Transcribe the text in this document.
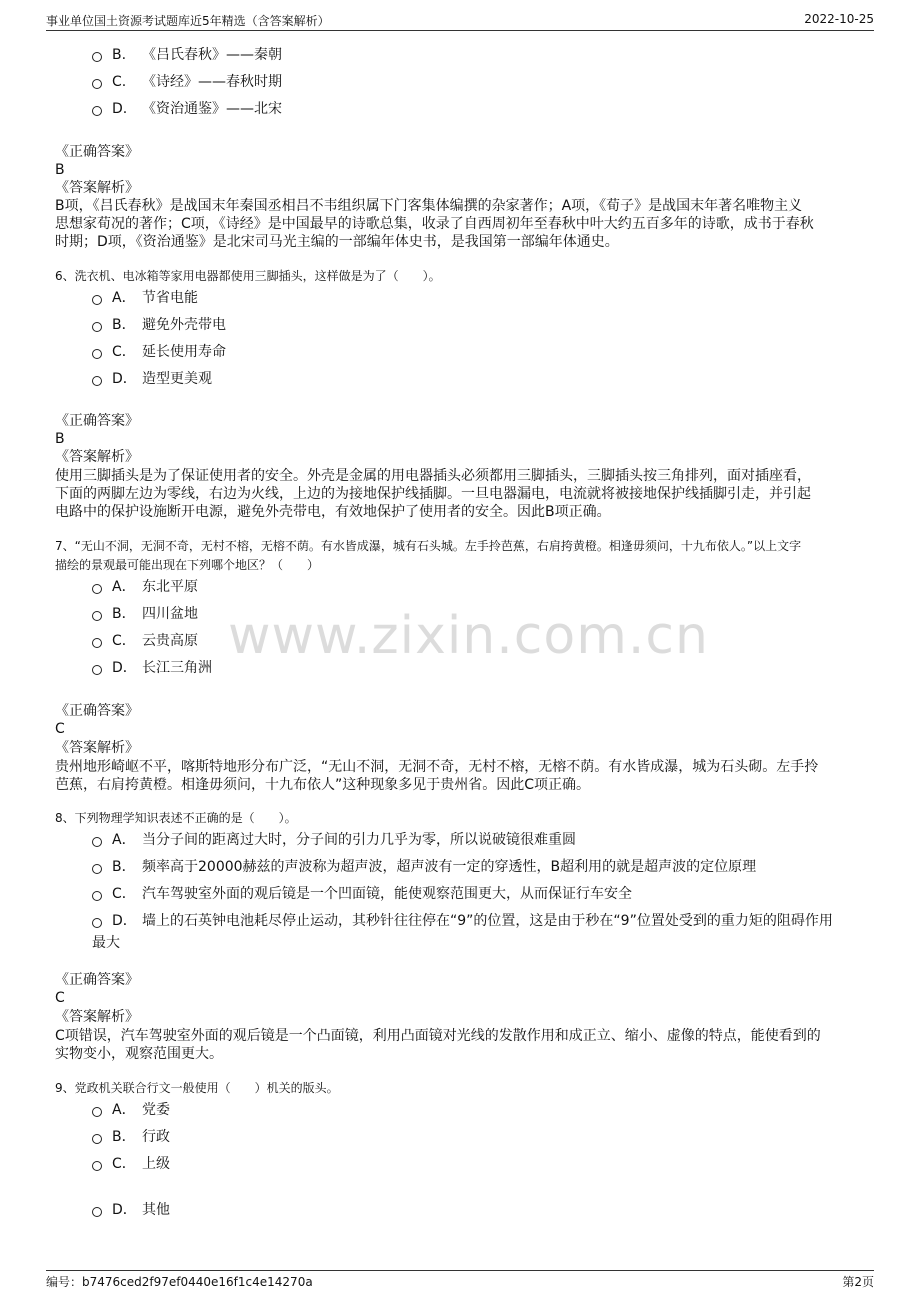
事业单位国土资源考试题库近5年精选（含答案解析）	2022-10-25
www.zixin.com.cn
B. 《吕氏春秋》——秦朝
C. 《诗经》——春秋时期
D. 《资治通鉴》——北宋
《正确答案》
B
《答案解析》
B项，《吕氏春秋》是战国末年秦国丞相吕不韦组织属下门客集体编撰的杂家著作；A项，《荀子》是战国末年著名唯物主义
思想家荀况的著作；C项，《诗经》是中国最早的诗歌总集，收录了自西周初年至春秋中叶大约五百多年的诗歌，成书于春秋
时期；D项，《资治通鉴》是北宋司马光主编的一部编年体史书，是我国第一部编年体通史。
6、洗衣机、电冰箱等家用电器都使用三脚插头，这样做是为了（　　）。
A． 节省电能
B． 避免外壳带电
C． 延长使用寿命
D． 造型更美观
《正确答案》
B
《答案解析》
使用三脚插头是为了保证使用者的安全。外壳是金属的用电器插头必须都用三脚插头，三脚插头按三角排列，面对插座看，
下面的两脚左边为零线，右边为火线，上边的为接地保护线插脚。一旦电器漏电，电流就将被接地保护线插脚引走，并引起
电路中的保护设施断开电源，避免外壳带电，有效地保护了使用者的安全。因此B项正确。
7、“无山不洞，无洞不奇，无村不榕，无榕不荫。有水皆成瀑，城有石头城。左手拎芭蕉，右肩挎黄橙。相逢毋须问，十九布依人。”以上文字
描绘的景观最可能出现在下列哪个地区？（　　）
A． 东北平原
B． 四川盆地
C． 云贵高原
D． 长江三角洲
《正确答案》
C
《答案解析》
贵州地形崎岖不平，喀斯特地形分布广泛，“无山不洞，无洞不奇，无村不榕，无榕不荫。有水皆成瀑，城为石头砌。左手拎
芭蕉，右肩挎黄橙。相逢毋须问，十九布依人”这种现象多见于贵州省。因此C项正确。
8、下列物理学知识表述不正确的是（　　）。
A． 当分子间的距离过大时，分子间的引力几乎为零，所以说破镜很难重圆
B． 频率高于20000赫兹的声波称为超声波，超声波有一定的穿透性，B超利用的就是超声波的定位原理
C． 汽车驾驶室外面的观后镜是一个凹面镜，能使观察范围更大，从而保证行车安全
D． 墙上的石英钟电池耗尽停止运动，其秒针往往停在“9”的位置，这是由于秒在“9”位置处受到的重力矩的阻碍作用
最大
《正确答案》
C
《答案解析》
C项错误，汽车驾驶室外面的观后镜是一个凸面镜，利用凸面镜对光线的发散作用和成正立、缩小、虚像的特点，能使看到的
实物变小，观察范围更大。
9、党政机关联合行文一般使用（　　）机关的版头。
A． 党委
B． 行政
C． 上级
D． 其他
编号：b7476ced2f97ef0440e16f1c4e14270a	第2页
